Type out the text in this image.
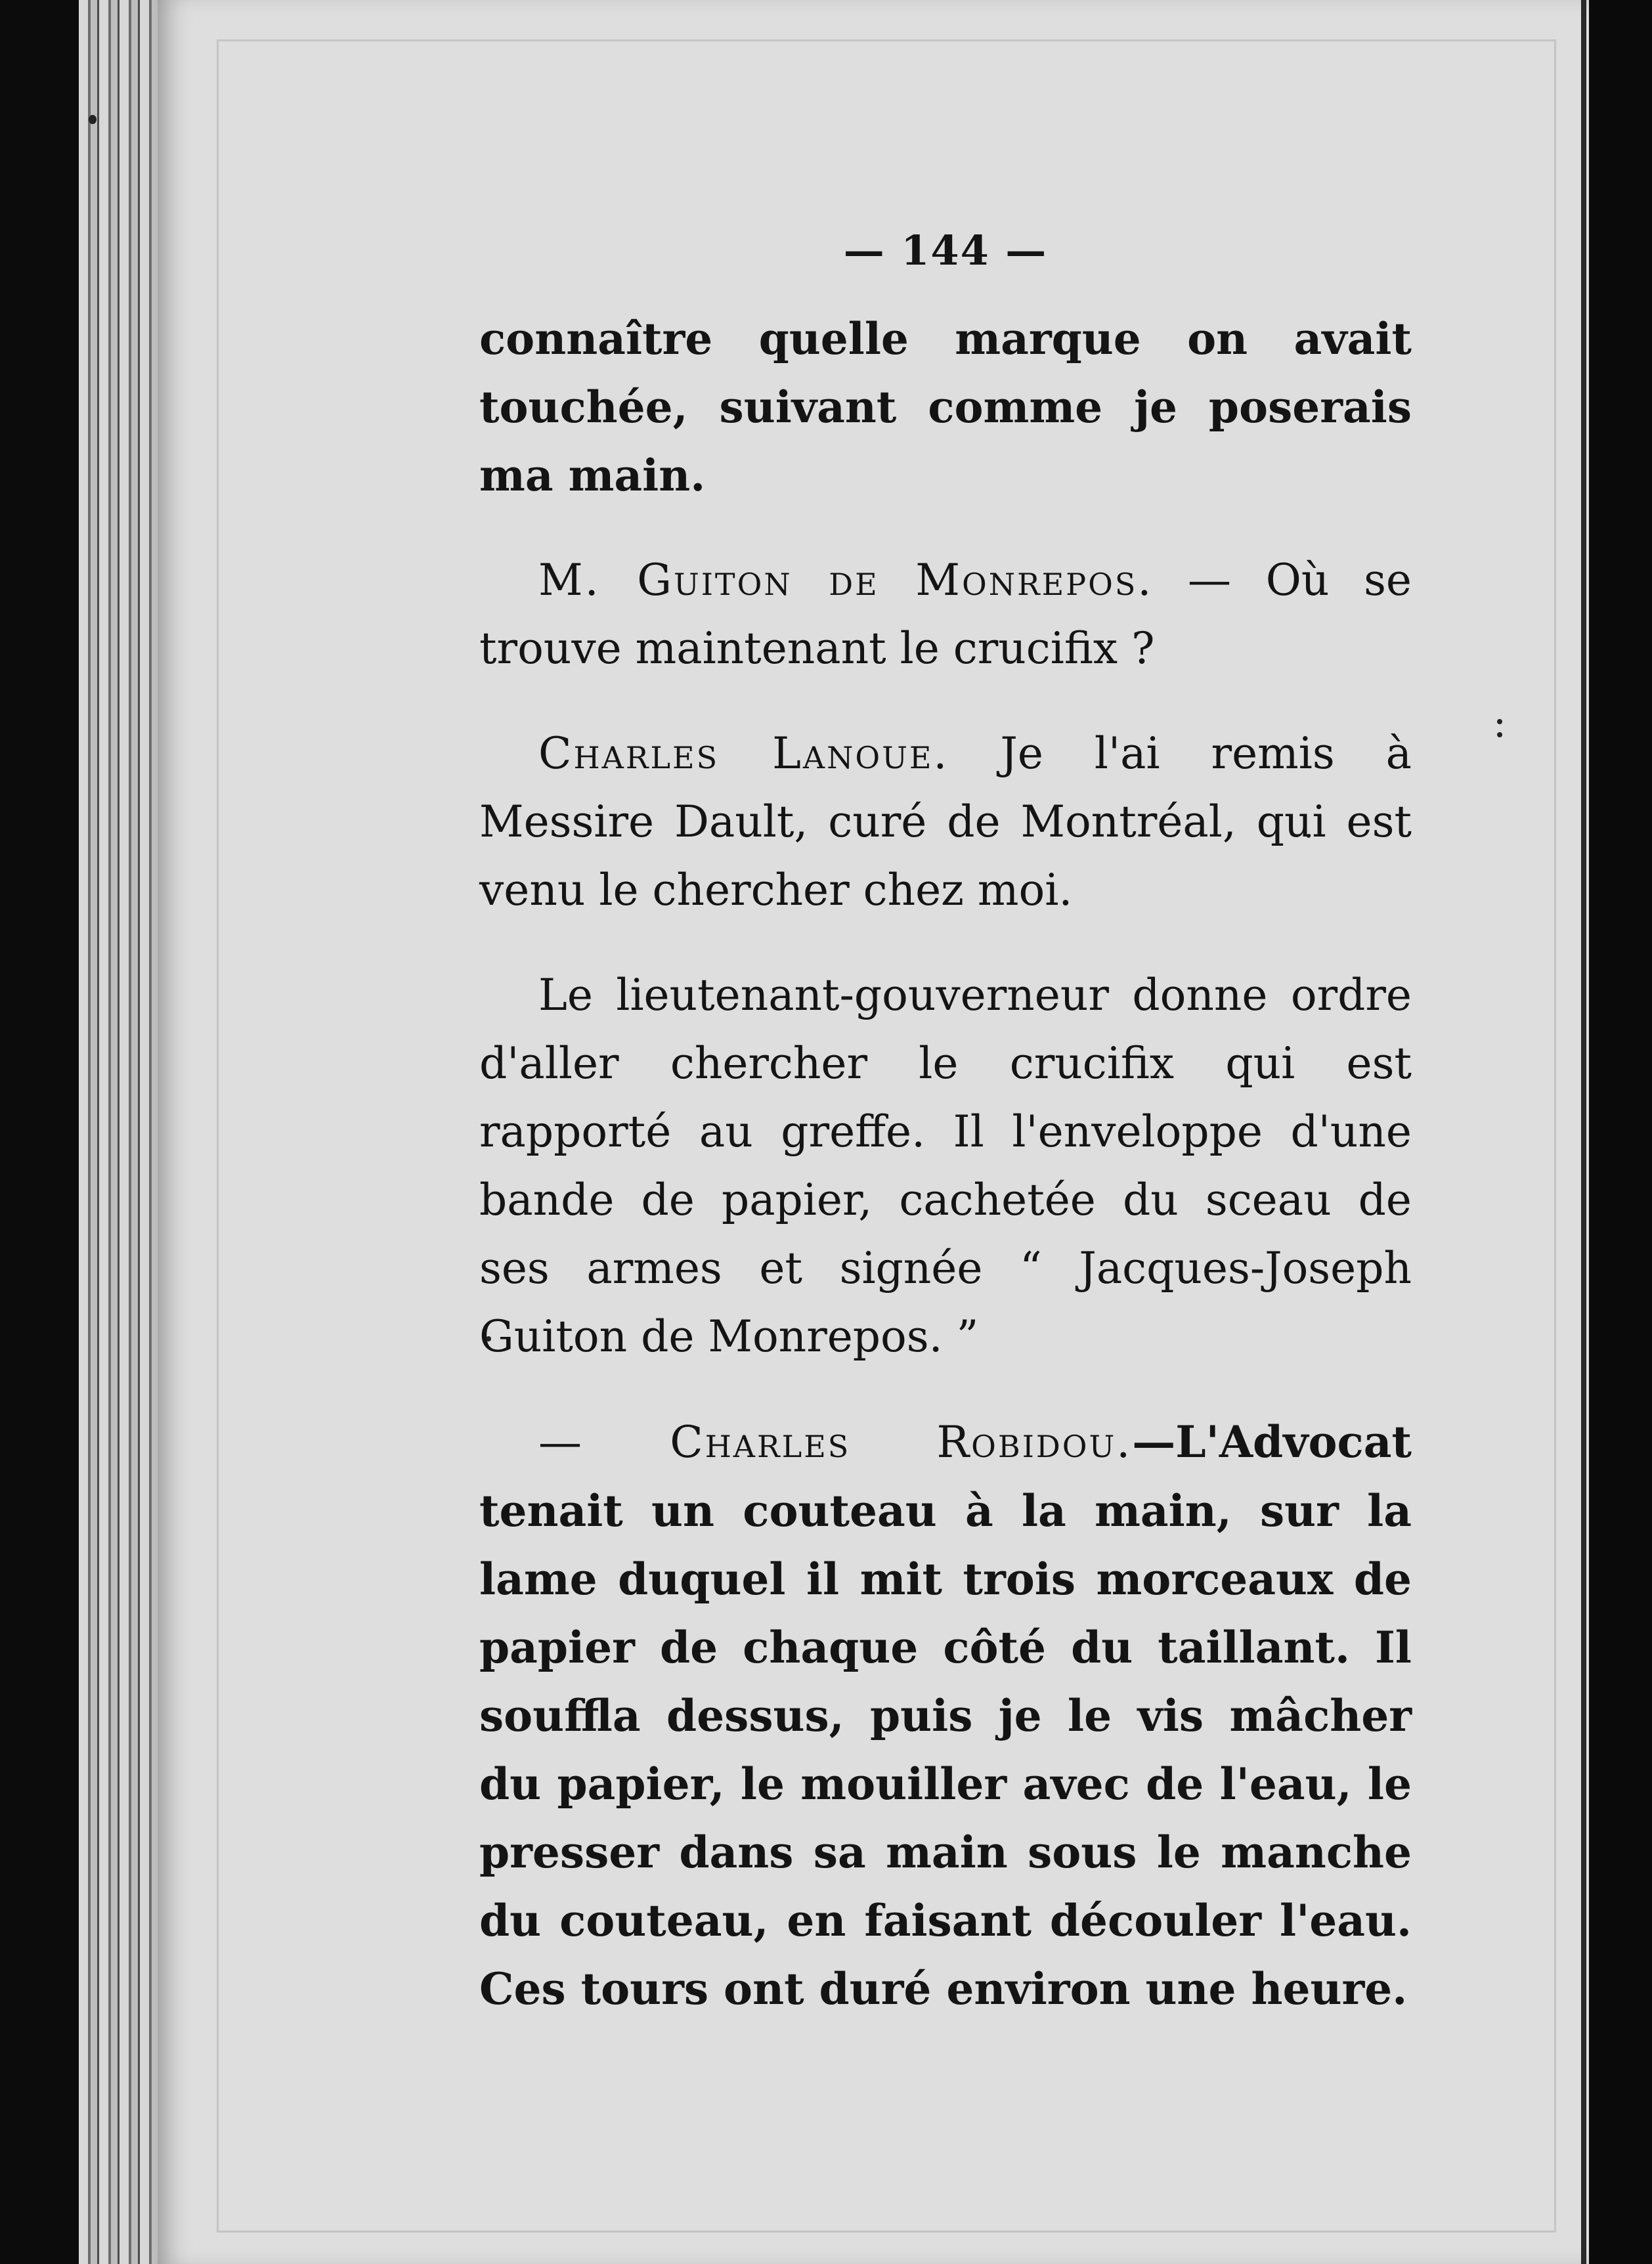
— 144 —

connaître quelle marque on avait touchée, suivant comme je poserais ma main.

M. Guiton de Monrepos. — Où se trouve maintenant le crucifix ?

Charles Lanoue. Je l'ai remis à Messire Dault, curé de Montréal, qui est venu le chercher chez moi.

Le lieutenant-gouverneur donne ordre d'aller chercher le crucifix qui est rapporté au greffe. Il l'enveloppe d'une bande de papier, cachetée du sceau de ses armes et signée “ Jacques-Joseph Guiton de Monrepos. ”

— Charles Robidou.—L'Advocat tenait un couteau à la main, sur la lame duquel il mit trois morceaux de papier de chaque côté du taillant. Il souffla dessus, puis je le vis mâcher du papier, le mouiller avec de l'eau, le presser dans sa main sous le manche du couteau, en faisant découler l'eau. Ces tours ont duré environ une heure.
